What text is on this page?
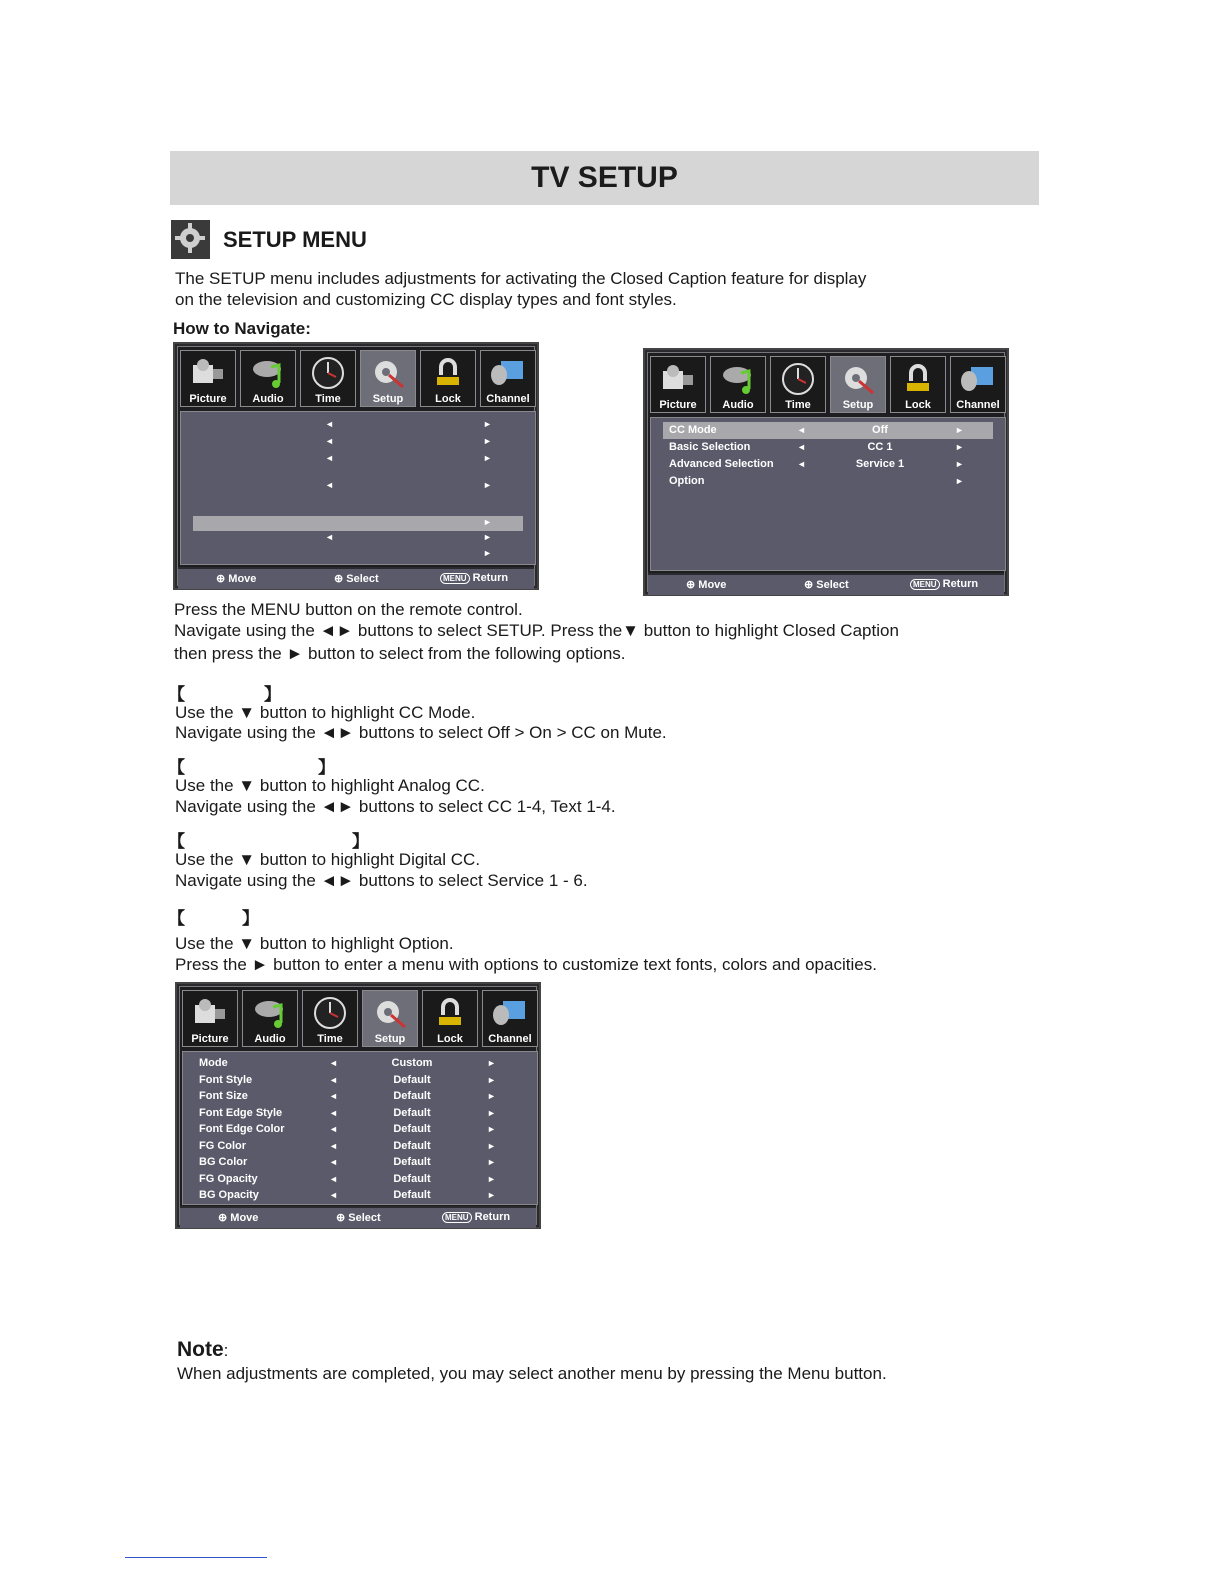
TV SETUP
SETUP MENU
The SETUP menu includes adjustments for activating the Closed Caption feature for display
on the television and customizing CC display types and font styles.
How to Navigate:
Picture	Audio	Time	Setup	Lock	Channel
◄	►
◄	►
◄	►
◄	►
►
◄	►
►
⊕ Move	⊕ Select	MENU Return
Picture	Audio	Time	Setup	Lock	Channel
CC Mode	◄	Off	►
Basic Selection	◄	CC 1	►
Advanced Selection	◄	Service 1	►
Option	►
⊕ Move	⊕ Select	MENU Return
Press the MENU button on the remote control.
Navigate using the ◄► buttons to select SETUP. Press the▼ button to highlight Closed Caption
then press the ► button to select from the following options.
【	】
Use the ▼ button to highlight CC Mode.
Navigate using the ◄► buttons to select Off > On > CC on Mute.
【	】
Use the ▼ button to highlight Analog CC.
Navigate using the ◄► buttons to select CC 1-4, Text 1-4.
【	】
Use the ▼ button to highlight Digital CC.
Navigate using the ◄► buttons to select Service 1 - 6.
【	】
Use the ▼ button to highlight Option.
Press the ► button to enter a menu with options to customize text fonts, colors and opacities.
Picture	Audio	Time	Setup	Lock	Channel
Mode	◄	Custom	►
Font Style	◄	Default	►
Font Size	◄	Default	►
Font Edge Style	◄	Default	►
Font Edge Color	◄	Default	►
FG Color	◄	Default	►
BG Color	◄	Default	►
FG Opacity	◄	Default	►
BG Opacity	◄	Default	►
⊕ Move	⊕ Select	MENU Return
Note:
When adjustments are completed, you may select another menu by pressing the Menu button.
